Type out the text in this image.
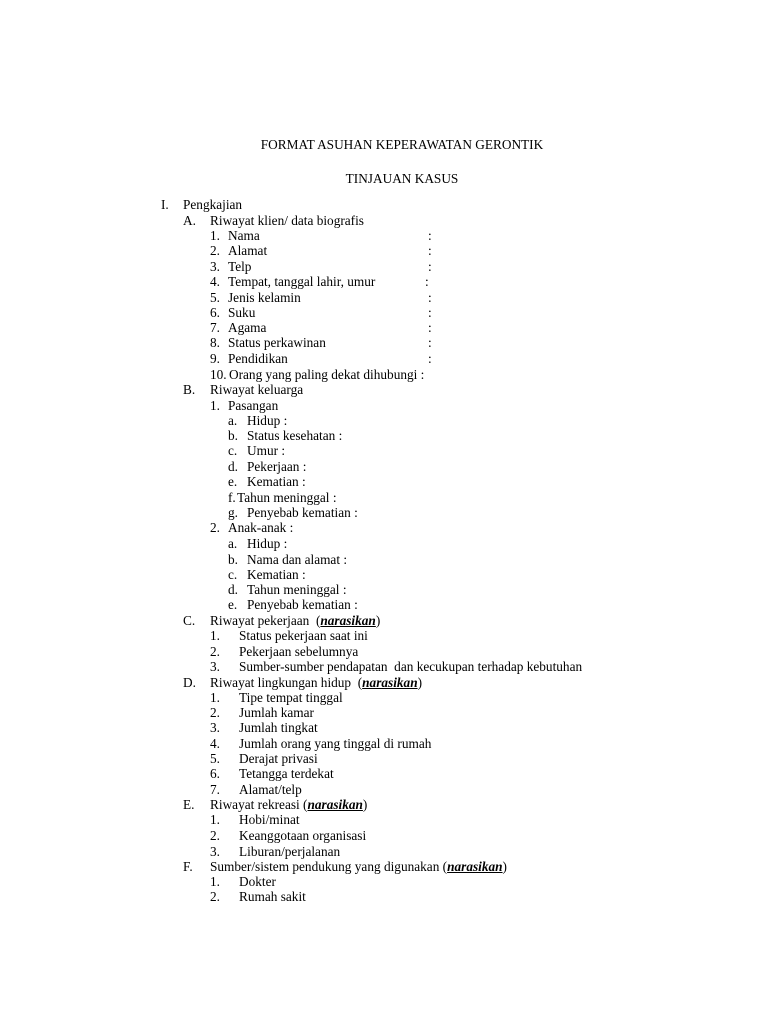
FORMAT ASUHAN KEPERAWATAN GERONTIK
TINJAUAN KASUS
I. Pengkajian
A. Riwayat klien/ data biografis
1. Nama	:
2. Alamat	:
3. Telp	:
4. Tempat, tanggal lahir, umur	:
5. Jenis kelamin	:
6. Suku	:
7. Agama	:
8. Status perkawinan	:
9. Pendidikan	:
10. Orang yang paling dekat dihubungi :
B. Riwayat keluarga
1. Pasangan
a. Hidup :
b. Status kesehatan :
c. Umur :
d. Pekerjaan :
e. Kematian :
f. Tahun meninggal :
g. Penyebab kematian :
2. Anak-anak :
a. Hidup :
b. Nama dan alamat :
c. Kematian :
d. Tahun meninggal :
e. Penyebab kematian :
C. Riwayat pekerjaan  (narasikan)
1. Status pekerjaan saat ini
2. Pekerjaan sebelumnya
3. Sumber-sumber pendapatan  dan kecukupan terhadap kebutuhan
D. Riwayat lingkungan hidup  (narasikan)
1. Tipe tempat tinggal
2. Jumlah kamar
3. Jumlah tingkat
4. Jumlah orang yang tinggal di rumah
5. Derajat privasi
6. Tetangga terdekat
7. Alamat/telp
E. Riwayat rekreasi (narasikan)
1. Hobi/minat
2. Keanggotaan organisasi
3. Liburan/perjalanan
F. Sumber/sistem pendukung yang digunakan (narasikan)
1. Dokter
2. Rumah sakit
